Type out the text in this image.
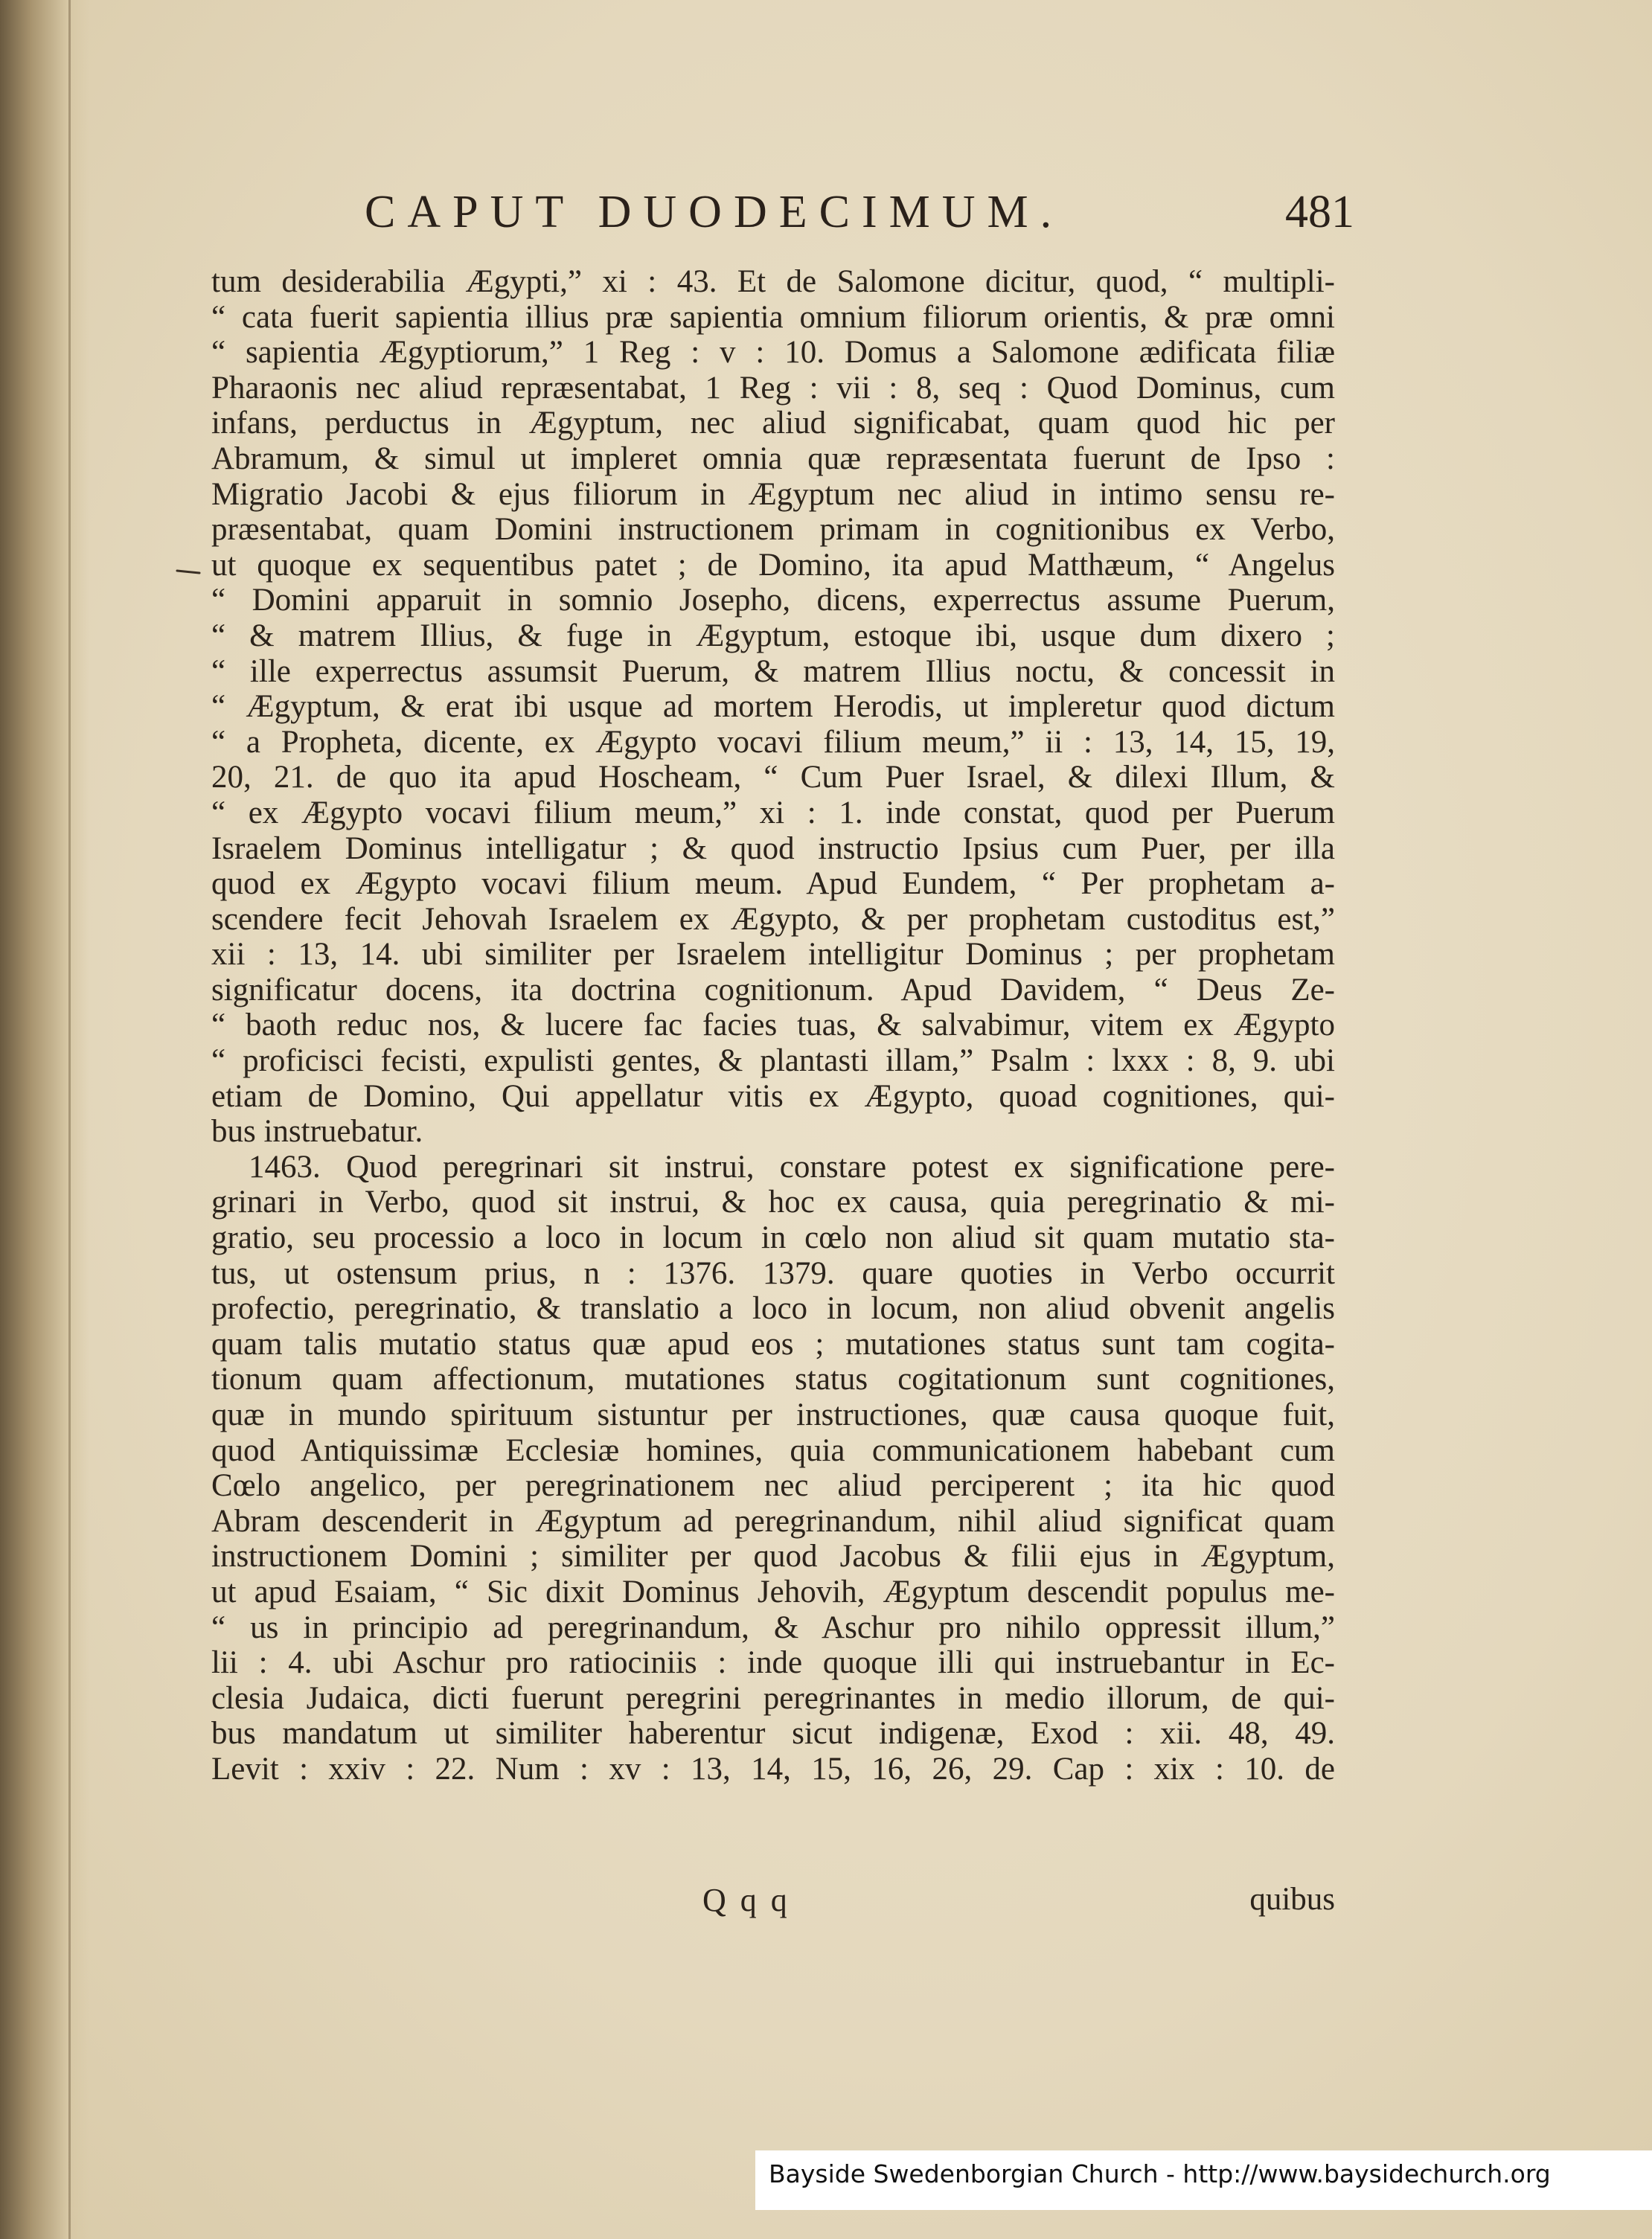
CAPUT DUODECIMUM.	481
tum desiderabilia Ægypti,” xi : 43. Et de Salomone dicitur, quod, “ multipli-
“ cata fuerit sapientia illius præ sapientia omnium filiorum orientis, & præ omni
“ sapientia Ægyptiorum,” 1 Reg : v : 10. Domus a Salomone ædificata filiæ
Pharaonis nec aliud repræsentabat, 1 Reg : vii : 8, seq : Quod Dominus, cum
infans, perductus in Ægyptum, nec aliud significabat, quam quod hic per
Abramum, & simul ut impleret omnia quæ repræsentata fuerunt de Ipso :
Migratio Jacobi & ejus filiorum in Ægyptum nec aliud in intimo sensu re-
præsentabat, quam Domini instructionem primam in cognitionibus ex Verbo,
ut quoque ex sequentibus patet ; de Domino, ita apud Matthæum, “ Angelus
“ Domini apparuit in somnio Josepho, dicens, experrectus assume Puerum,
“ & matrem Illius, & fuge in Ægyptum, estoque ibi, usque dum dixero ;
“ ille experrectus assumsit Puerum, & matrem Illius noctu, & concessit in
“ Ægyptum, & erat ibi usque ad mortem Herodis, ut impleretur quod dictum
“ a Propheta, dicente, ex Ægypto vocavi filium meum,” ii : 13, 14, 15, 19,
20, 21. de quo ita apud Hoscheam, “ Cum Puer Israel, & dilexi Illum, &
“ ex Ægypto vocavi filium meum,” xi : 1. inde constat, quod per Puerum
Israelem Dominus intelligatur ; & quod instructio Ipsius cum Puer, per illa
quod ex Ægypto vocavi filium meum. Apud Eundem, “ Per prophetam a-
scendere fecit Jehovah Israelem ex Ægypto, & per prophetam custoditus est,”
xii : 13, 14. ubi similiter per Israelem intelligitur Dominus ; per prophetam
significatur docens, ita doctrina cognitionum. Apud Davidem, “ Deus Ze-
“ baoth reduc nos, & lucere fac facies tuas, & salvabimur, vitem ex Ægypto
“ proficisci fecisti, expulisti gentes, & plantasti illam,” Psalm : lxxx : 8, 9. ubi
etiam de Domino, Qui appellatur vitis ex Ægypto, quoad cognitiones, qui-
bus instruebatur.
1463. Quod peregrinari sit instrui, constare potest ex significatione pere-
grinari in Verbo, quod sit instrui, & hoc ex causa, quia peregrinatio & mi-
gratio, seu processio a loco in locum in cœlo non aliud sit quam mutatio sta-
tus, ut ostensum prius, n : 1376. 1379. quare quoties in Verbo occurrit
profectio, peregrinatio, & translatio a loco in locum, non aliud obvenit angelis
quam talis mutatio status quæ apud eos ; mutationes status sunt tam cogita-
tionum quam affectionum, mutationes status cogitationum sunt cognitiones,
quæ in mundo spirituum sistuntur per instructiones, quæ causa quoque fuit,
quod Antiquissimæ Ecclesiæ homines, quia communicationem habebant cum
Cœlo angelico, per peregrinationem nec aliud perciperent ; ita hic quod
Abram descenderit in Ægyptum ad peregrinandum, nihil aliud significat quam
instructionem Domini ; similiter per quod Jacobus & filii ejus in Ægyptum,
ut apud Esaiam, “ Sic dixit Dominus Jehovih, Ægyptum descendit populus me-
“ us in principio ad peregrinandum, & Aschur pro nihilo oppressit illum,”
lii : 4. ubi Aschur pro ratiociniis : inde quoque illi qui instruebantur in Ec-
clesia Judaica, dicti fuerunt peregrini peregrinantes in medio illorum, de qui-
bus mandatum ut similiter haberentur sicut indigenæ, Exod : xii. 48, 49.
Levit : xxiv : 22. Num : xv : 13, 14, 15, 16, 26, 29. Cap : xix : 10. de
Q q q	quibus
Bayside Swedenborgian Church - http://www.baysidechurch.org
